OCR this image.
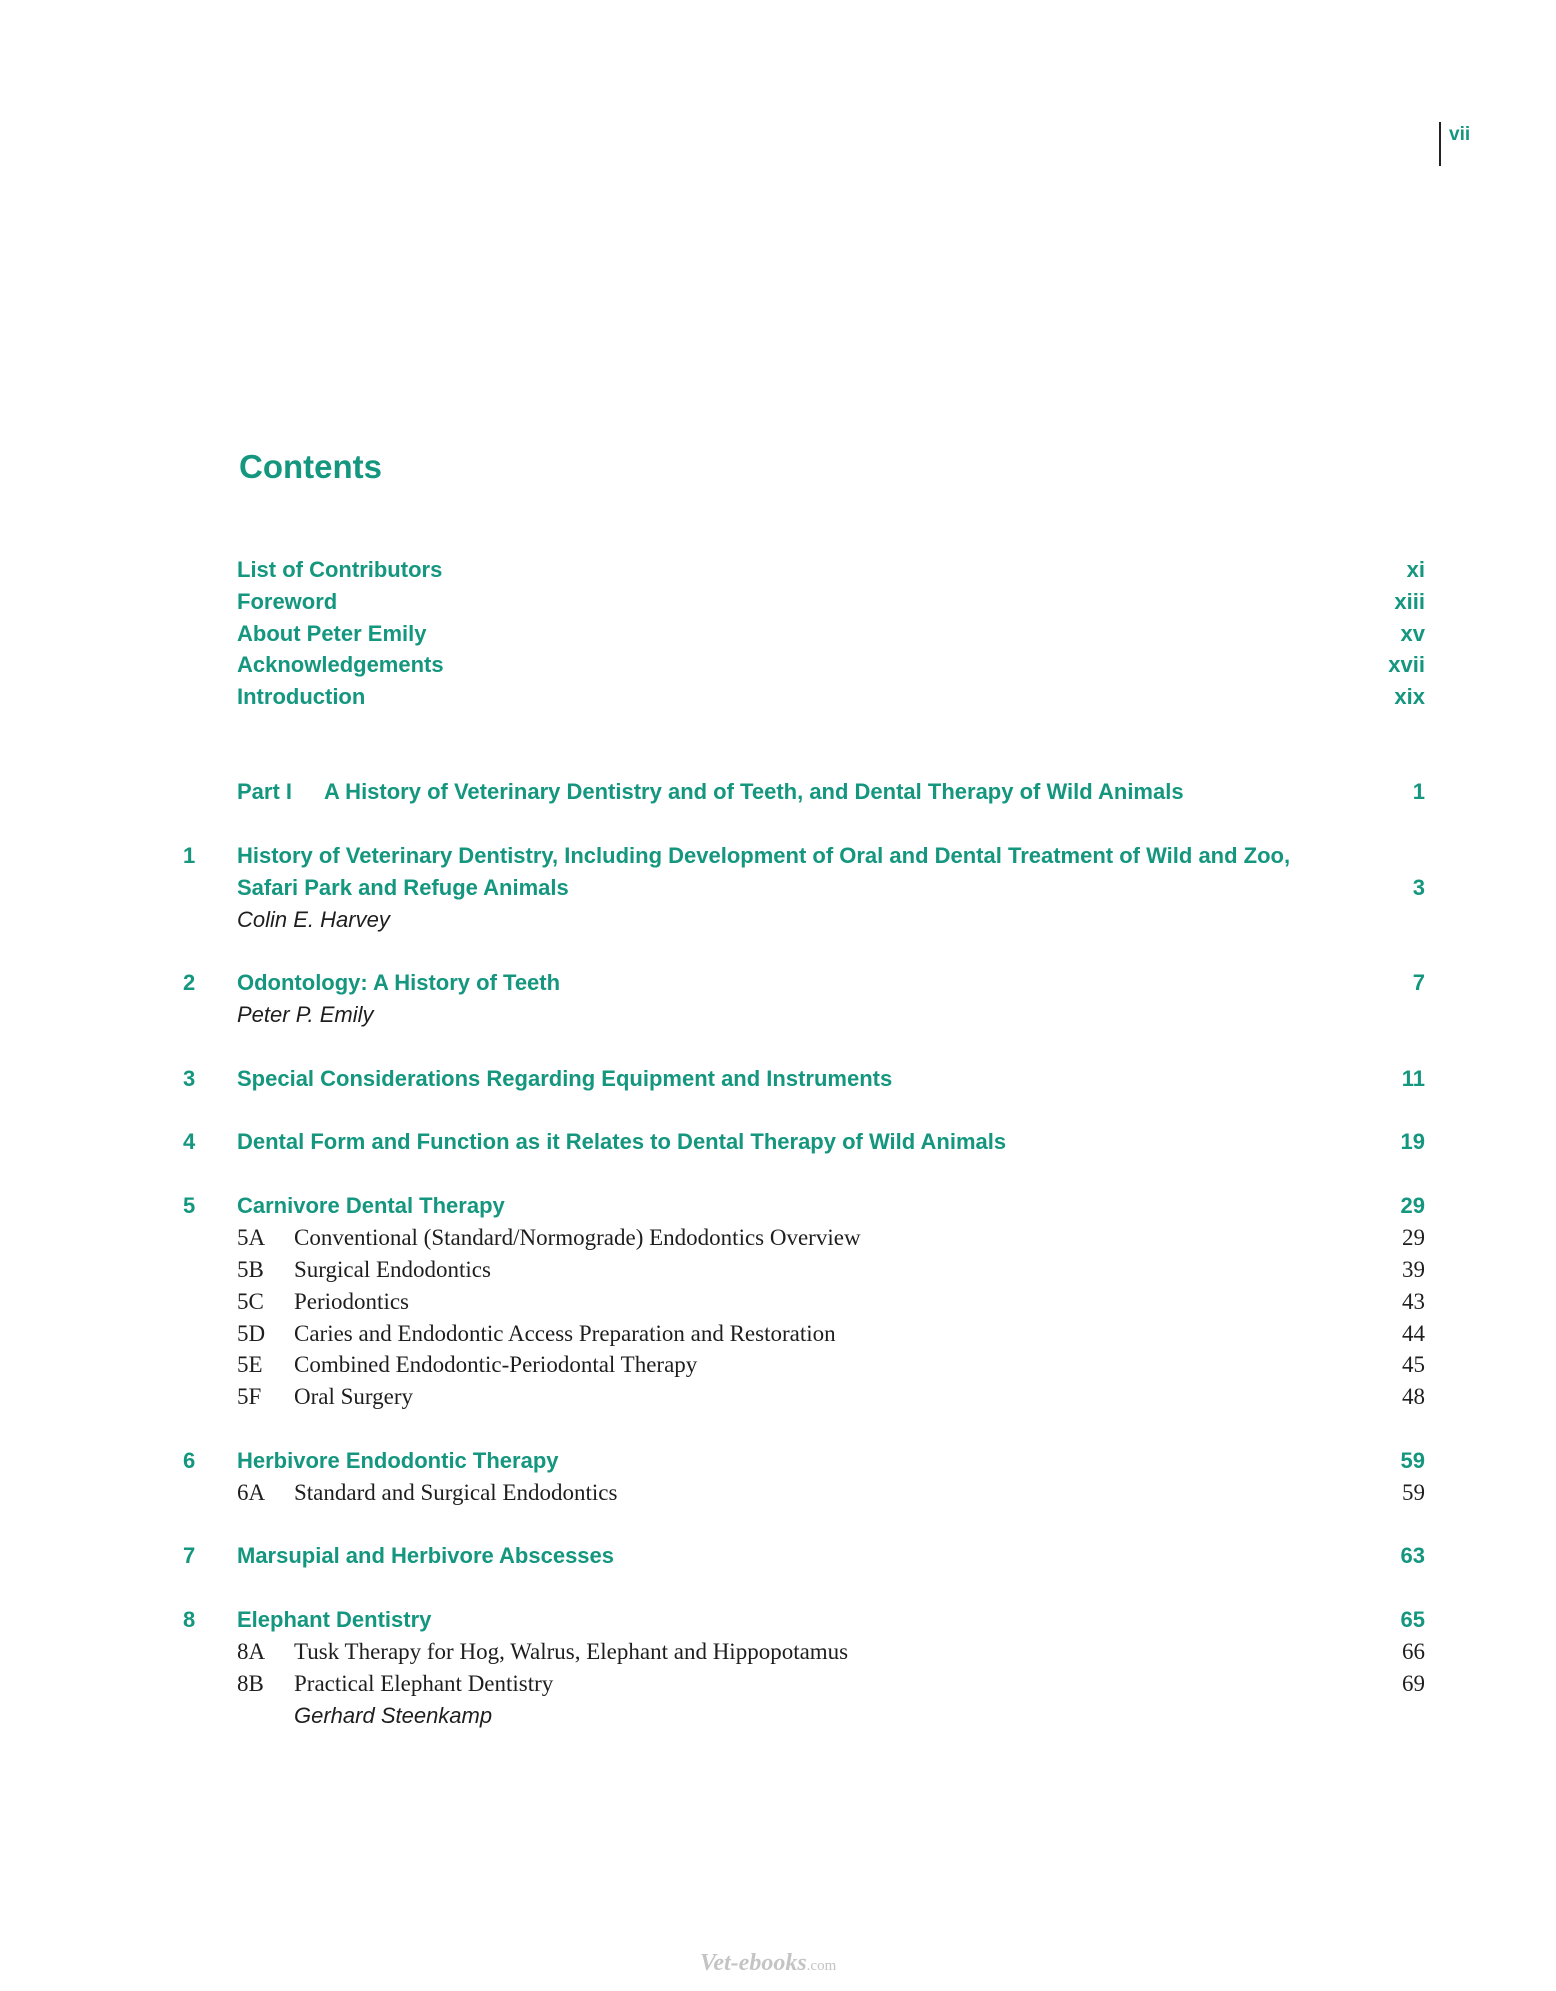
vii
Contents
List of Contributors	xi
Foreword	xiii
About Peter Emily	xv
Acknowledgements	xvii
Introduction	xix
Part I A History of Veterinary Dentistry and of Teeth, and Dental Therapy of Wild Animals	1
1 History of Veterinary Dentistry, Including Development of Oral and Dental Treatment of Wild and Zoo,
Safari Park and Refuge Animals	3
Colin E. Harvey
2 Odontology: A History of Teeth	7
Peter P. Emily
3 Special Considerations Regarding Equipment and Instruments	11
4 Dental Form and Function as it Relates to Dental Therapy of Wild Animals	19
5 Carnivore Dental Therapy	29
5A Conventional (Standard/Normograde) Endodontics Overview	29
5B Surgical Endodontics	39
5C Periodontics	43
5D Caries and Endodontic Access Preparation and Restoration	44
5E Combined Endodontic-Periodontal Therapy	45
5F Oral Surgery	48
6 Herbivore Endodontic Therapy	59
6A Standard and Surgical Endodontics	59
7 Marsupial and Herbivore Abscesses	63
8 Elephant Dentistry	65
8A Tusk Therapy for Hog, Walrus, Elephant and Hippopotamus	66
8B Practical Elephant Dentistry	69
Gerhard Steenkamp
Vet-ebooks.com
